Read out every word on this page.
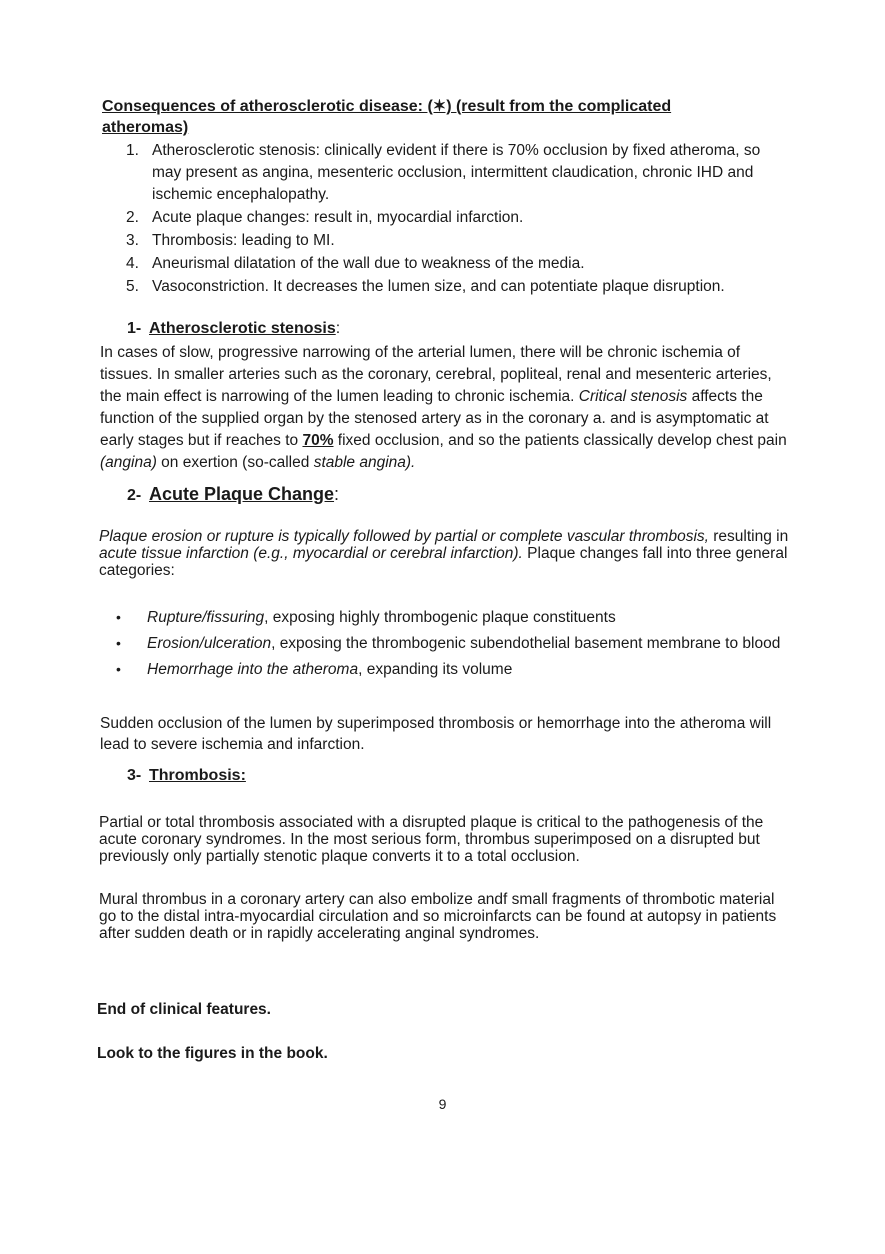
Consequences of atherosclerotic disease: (✶) (result from the complicated atheromas)
1. Atherosclerotic stenosis: clinically evident if there is 70% occlusion by fixed atheroma, so may present as angina, mesenteric occlusion, intermittent claudication, chronic IHD and ischemic encephalopathy.
2. Acute plaque changes: result in, myocardial infarction.
3. Thrombosis: leading to MI.
4. Aneurismal dilatation of the wall due to weakness of the media.
5. Vasoconstriction. It decreases the lumen size, and can potentiate plaque disruption.
1- Atherosclerotic stenosis:

In cases of slow, progressive narrowing of the arterial lumen, there will be chronic ischemia of tissues. In smaller arteries such as the coronary, cerebral, popliteal, renal and mesenteric arteries, the main effect is narrowing of the lumen leading to chronic ischemia. Critical stenosis affects the function of the supplied organ by the stenosed artery as in the coronary a. and is asymptomatic at early stages but if reaches to 70% fixed occlusion, and so the patients classically develop chest pain (angina) on exertion (so-called stable angina).

2- Acute Plaque Change:

Plaque erosion or rupture is typically followed by partial or complete vascular thrombosis, resulting in acute tissue infarction (e.g., myocardial or cerebral infarction). Plaque changes fall into three general categories:

• Rupture/fissuring, exposing highly thrombogenic plaque constituents
• Erosion/ulceration, exposing the thrombogenic subendothelial basement membrane to blood
• Hemorrhage into the atheroma, expanding its volume

Sudden occlusion of the lumen by superimposed thrombosis or hemorrhage into the atheroma will lead to severe ischemia and infarction.

3- Thrombosis:

Partial or total thrombosis associated with a disrupted plaque is critical to the pathogenesis of the acute coronary syndromes. In the most serious form, thrombus superimposed on a disrupted but previously only partially stenotic plaque converts it to a total occlusion.

Mural thrombus in a coronary artery can also embolize andf small fragments of thrombotic material go to the distal intra-myocardial circulation and so microinfarcts can be found at autopsy in patients after sudden death or in rapidly accelerating anginal syndromes.

End of clinical features.
Look to the figures in the book.
9
